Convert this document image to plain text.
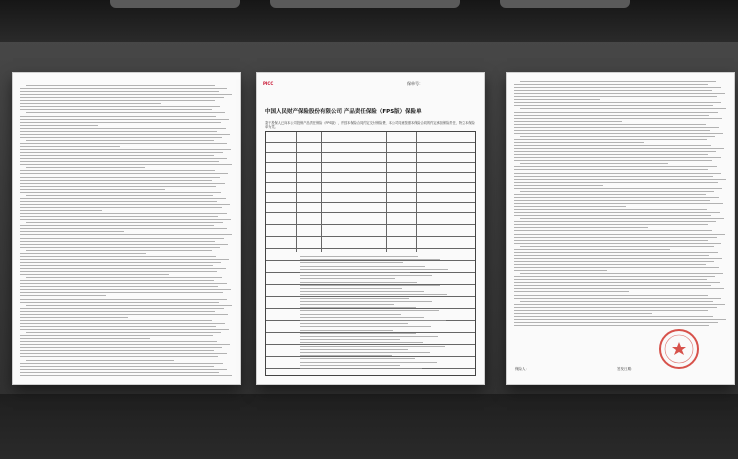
PICC	保单号：
中国人民财产保险股份有限公司 产品责任保险（FPS版）保险单
鉴于投保人已向本公司投保产品责任保险（FPS版），并按本保险合同约定交付保险费，本公司同意按照本保险合同的约定承担保险责任，特立本保险单为凭。
保险人：	签发日期：
